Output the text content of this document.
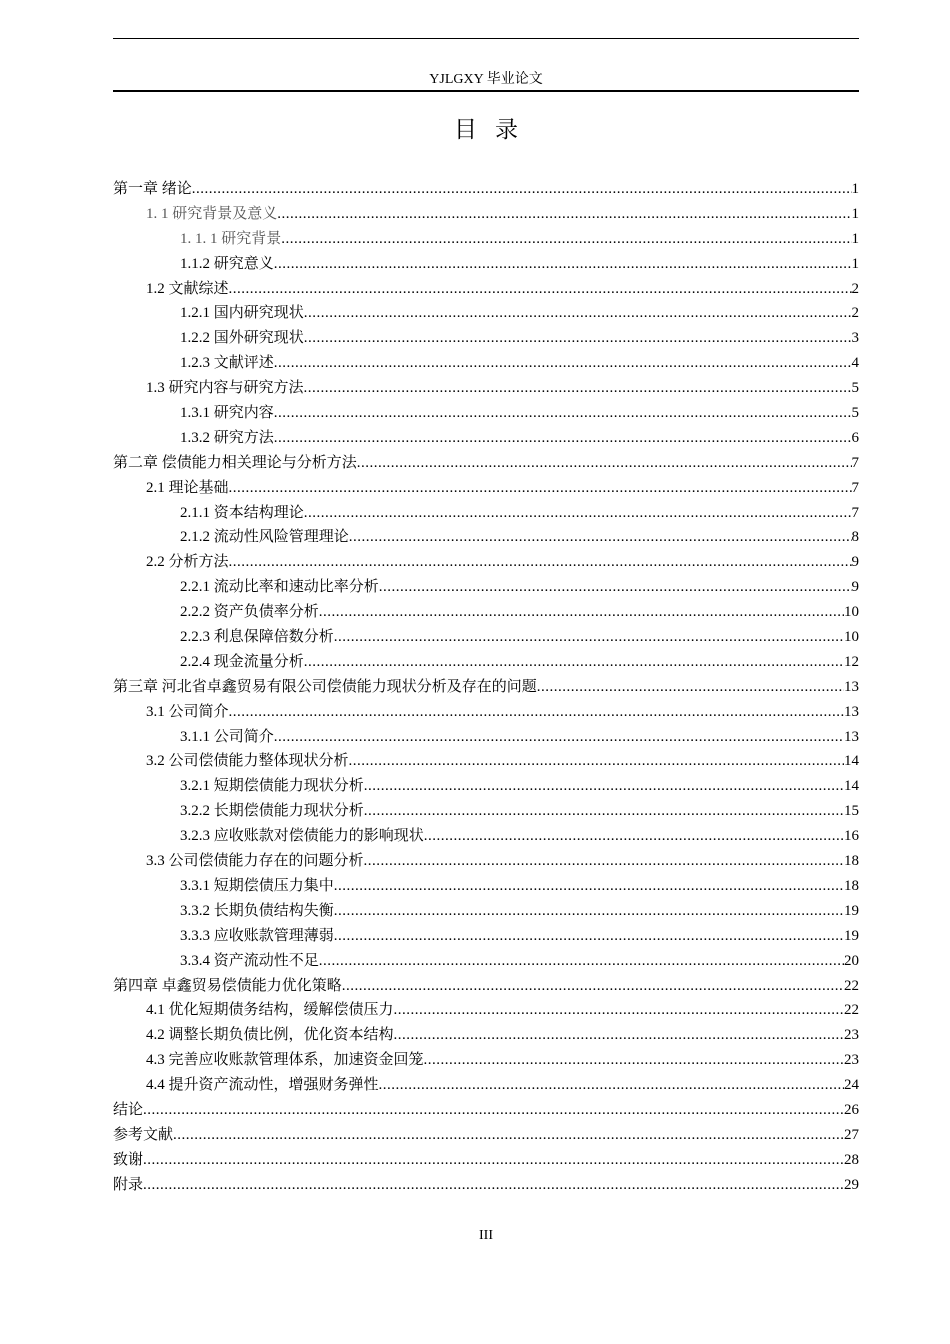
YJLGXY 毕业论文
目录
第一章 绪论 .....	1
1. 1 研究背景及意义 .....	1
1. 1. 1 研究背景 .....	1
1.1.2 研究意义 .....	1
1.2 文献综述 .....	2
1.2.1 国内研究现状 .....	2
1.2.2 国外研究现状 .....	3
1.2.3 文献评述 .....	4
1.3 研究内容与研究方法 .....	5
1.3.1 研究内容 .....	5
1.3.2 研究方法 .....	6
第二章 偿债能力相关理论与分析方法 .....	7
2.1 理论基础 .....	7
2.1.1 资本结构理论 .....	7
2.1.2 流动性风险管理理论 .....	8
2.2 分析方法 .....	9
2.2.1 流动比率和速动比率分析 .....	9
2.2.2 资产负债率分析 .....	10
2.2.3 利息保障倍数分析 .....	10
2.2.4 现金流量分析 .....	12
第三章 河北省卓鑫贸易有限公司偿债能力现状分析及存在的问题 .....	13
3.1 公司简介 .....	13
3.1.1 公司简介 .....	13
3.2 公司偿债能力整体现状分析 .....	14
3.2.1 短期偿债能力现状分析 .....	14
3.2.2 长期偿债能力现状分析 .....	15
3.2.3 应收账款对偿债能力的影响现状 .....	16
3.3 公司偿债能力存在的问题分析 .....	18
3.3.1 短期偿债压力集中 .....	18
3.3.2 长期负债结构失衡 .....	19
3.3.3 应收账款管理薄弱 .....	19
3.3.4 资产流动性不足 .....	20
第四章 卓鑫贸易偿债能力优化策略 .....	22
4.1 优化短期债务结构，缓解偿债压力 .....	22
4.2 调整长期负债比例，优化资本结构 .....	23
4.3 完善应收账款管理体系，加速资金回笼 .....	23
4.4 提升资产流动性，增强财务弹性 .....	24
结论 .....	26
参考文献 .....	27
致谢 .....	28
附录 .....	29
III
